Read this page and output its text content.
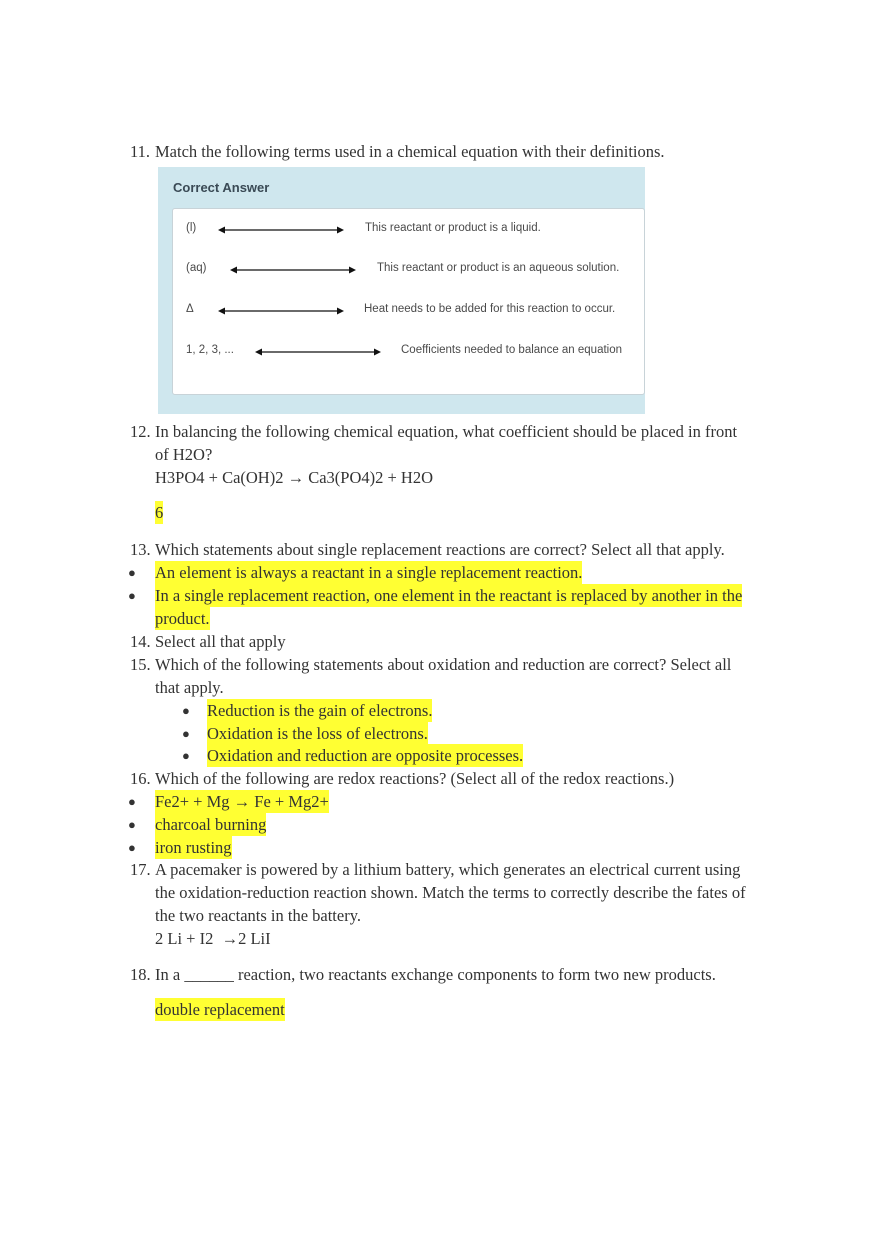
11. Match the following terms used in a chemical equation with their definitions.
Correct Answer
(l)	This reactant or product is a liquid.
(aq)	This reactant or product is an aqueous solution.
Δ	Heat needs to be added for this reaction to occur.
1, 2, 3, ...	Coefficients needed to balance an equation
12. In balancing the following chemical equation, what coefficient should be placed in front
of H2O?
H3PO4 + Ca(OH)2 → Ca3(PO4)2 + H2O
6
13. Which statements about single replacement reactions are correct? Select all that apply.
● An element is always a reactant in a single replacement reaction.
● In a single replacement reaction, one element in the reactant is replaced by another in the
product.
14. Select all that apply
15. Which of the following statements about oxidation and reduction are correct? Select all
that apply.
● Reduction is the gain of electrons.
● Oxidation is the loss of electrons.
● Oxidation and reduction are opposite processes.
16. Which of the following are redox reactions? (Select all of the redox reactions.)
● Fe2+ + Mg → Fe + Mg2+
● charcoal burning
● iron rusting
17. A pacemaker is powered by a lithium battery, which generates an electrical current using
the oxidation-reduction reaction shown. Match the terms to correctly describe the fates of
the two reactants in the battery.
2 Li + I2  →2 LiI
18. In a ______ reaction, two reactants exchange components to form two new products.
double replacement
